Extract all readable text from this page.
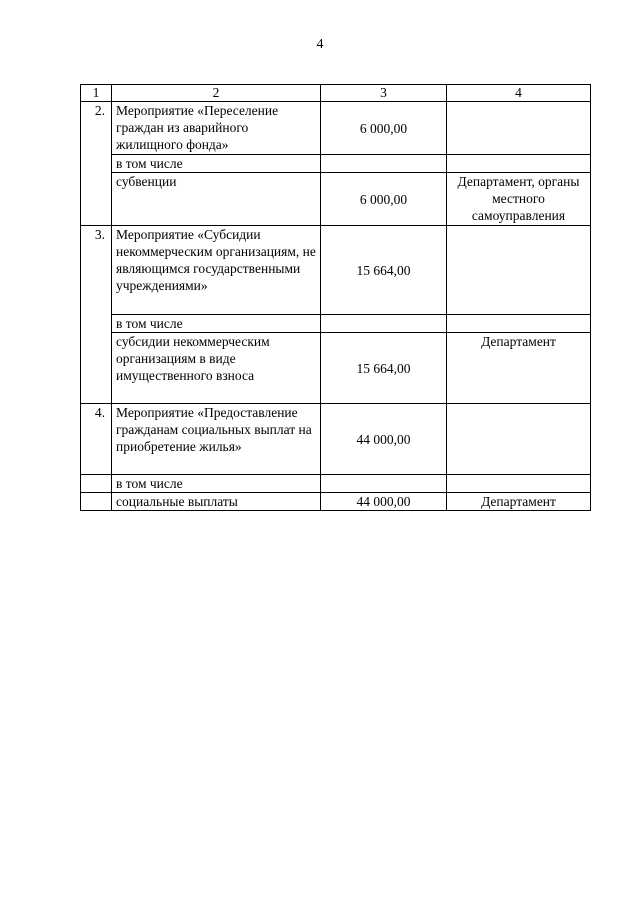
4
1	2	3	4
2.	Мероприятие «Переселение граждан из аварийного жилищного фонда»	6 000,00	
	в том числе		
	субвенции	6 000,00	Департамент, органы местного самоуправления
3.	Мероприятие «Субсидии некоммерческим организациям, не являющимся государственными учреждениями»	15 664,00	
	в том числе		
	субсидии некоммерческим организациям в виде имущественного взноса	15 664,00	Департамент
4.	Мероприятие «Предоставление гражданам социальных выплат на приобретение жилья»	44 000,00	
	в том числе		
	социальные выплаты	44 000,00	Департамент
